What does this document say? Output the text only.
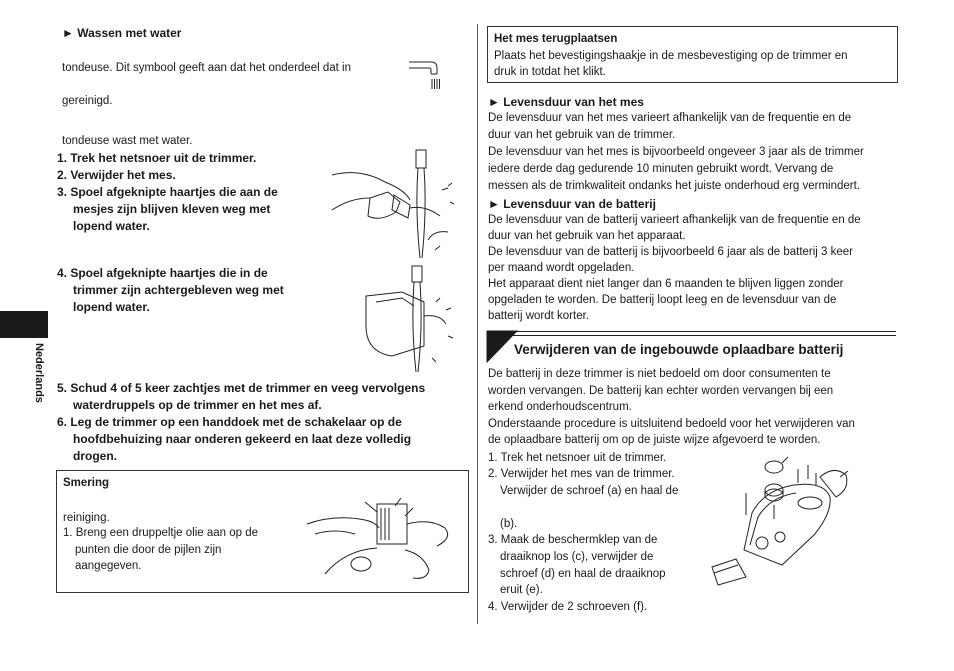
► Wassen met water
tondeuse. Dit symbool geeft aan dat het onderdeel dat in
gereinigd.
tondeuse wast met water.
1. Trek het netsnoer uit de trimmer.
2. Verwijder het mes.
3. Spoel afgeknipte haartjes die aan de
mesjes zijn blijven kleven weg met
lopend water.
4. Spoel afgeknipte haartjes die in de
trimmer zijn achtergebleven weg met
lopend water.
5. Schud 4 of 5 keer zachtjes met de trimmer en veeg vervolgens
waterdruppels op de trimmer en het mes af.
6. Leg de trimmer op een handdoek met de schakelaar op de
hoofdbehuizing naar onderen gekeerd en laat deze volledig
drogen.
Smering
reiniging.
1. Breng een druppeltje olie aan op de
punten die door de pijlen zijn
aangegeven.
Nederlands
Het mes terugplaatsen
Plaats het bevestigingshaakje in de mesbevestiging op de trimmer en
druk in totdat het klikt.
► Levensduur van het mes
De levensduur van het mes varieert afhankelijk van de frequentie en de
duur van het gebruik van de trimmer.
De levensduur van het mes is bijvoorbeeld ongeveer 3 jaar als de trimmer
iedere derde dag gedurende 10 minuten gebruikt wordt. Vervang de
messen als de trimkwaliteit ondanks het juiste onderhoud erg vermindert.
► Levensduur van de batterij
De levensduur van de batterij varieert afhankelijk van de frequentie en de
duur van het gebruik van het apparaat.
De levensduur van de batterij is bijvoorbeeld 6 jaar als de batterij 3 keer
per maand wordt opgeladen.
Het apparaat dient niet langer dan 6 maanden te blijven liggen zonder
opgeladen te worden. De batterij loopt leeg en de levensduur van de
batterij wordt korter.
Verwijderen van de ingebouwde oplaadbare batterij
De batterij in deze trimmer is niet bedoeld om door consumenten te
worden vervangen. De batterij kan echter worden vervangen bij een
erkend onderhoudscentrum.
Onderstaande procedure is uitsluitend bedoeld voor het verwijderen van
de oplaadbare batterij om op de juiste wijze afgevoerd te worden.
1. Trek het netsnoer uit de trimmer.
2. Verwijder het mes van de trimmer.
Verwijder de schroef (a) en haal de
(b).
3. Maak de beschermklep van de
draaiknop los (c), verwijder de
schroef (d) en haal de draaiknop
eruit (e).
4. Verwijder de 2 schroeven (f).
